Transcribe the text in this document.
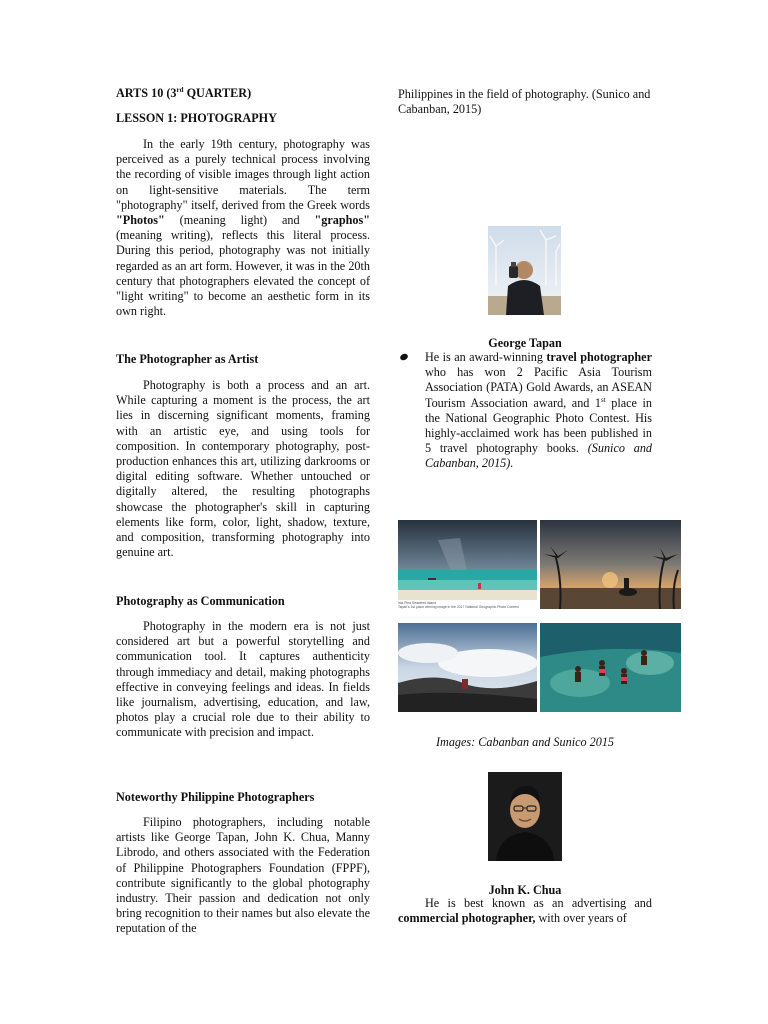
ARTS 10 (3rd QUARTER)

LESSON 1: PHOTOGRAPHY

In the early 19th century, photography was perceived as a purely technical process involving the recording of visible images through light action on light-sensitive materials. The term "photography" itself, derived from the Greek words "Photos" (meaning light) and "graphos" (meaning writing), reflects this literal process. During this period, photography was not initially regarded as an art form. However, it was in the 20th century that photographers elevated the concept of "light writing" to become an aesthetic form in its own right.

The Photographer as Artist

Photography is both a process and an art. While capturing a moment is the process, the art lies in discerning significant moments, framing with an artistic eye, and using tools for composition. In contemporary photography, post-production enhances this art, utilizing darkrooms or digital editing software. Whether untouched or digitally altered, the resulting photographs showcase the photographer's skill in capturing elements like form, color, light, shadow, texture, and composition, transforming photography into genuine art.

Photography as Communication

Photography in the modern era is not just considered art but a powerful storytelling and communication tool. It captures authenticity through immediacy and detail, making photographs effective in conveying feelings and ideas. In fields like journalism, advertising, education, and law, photos play a crucial role due to their ability to communicate with precision and impact.

Noteworthy Philippine Photographers

Filipino photographers, including notable artists like George Tapan, John K. Chua, Manny Librodo, and others associated with the Federation of Philippine Photographers Foundation (FPPF), contribute significantly to the global photography industry. Their passion and dedication not only bring recognition to their names but also elevate the reputation of the

Philippines in the field of photography. (Sunico and Cabanban, 2015)

George Tapan

He is an award-winning travel photographer who has won 2 Pacific Asia Tourism Association (PATA) Gold Awards, an ASEAN Tourism Association award, and 1st place in the National Geographic Photo Contest. His highly-acclaimed work has been published in 5 travel photography books. (Sunico and Cabanban, 2015).

Isla Pina Seaweed Island
Tapan's 1st place winning image in the 2017 National Geographic Photo Contest

Images: Cabanban and Sunico 2015

John K. Chua

He is best known as an advertising and commercial photographer, with over years of
